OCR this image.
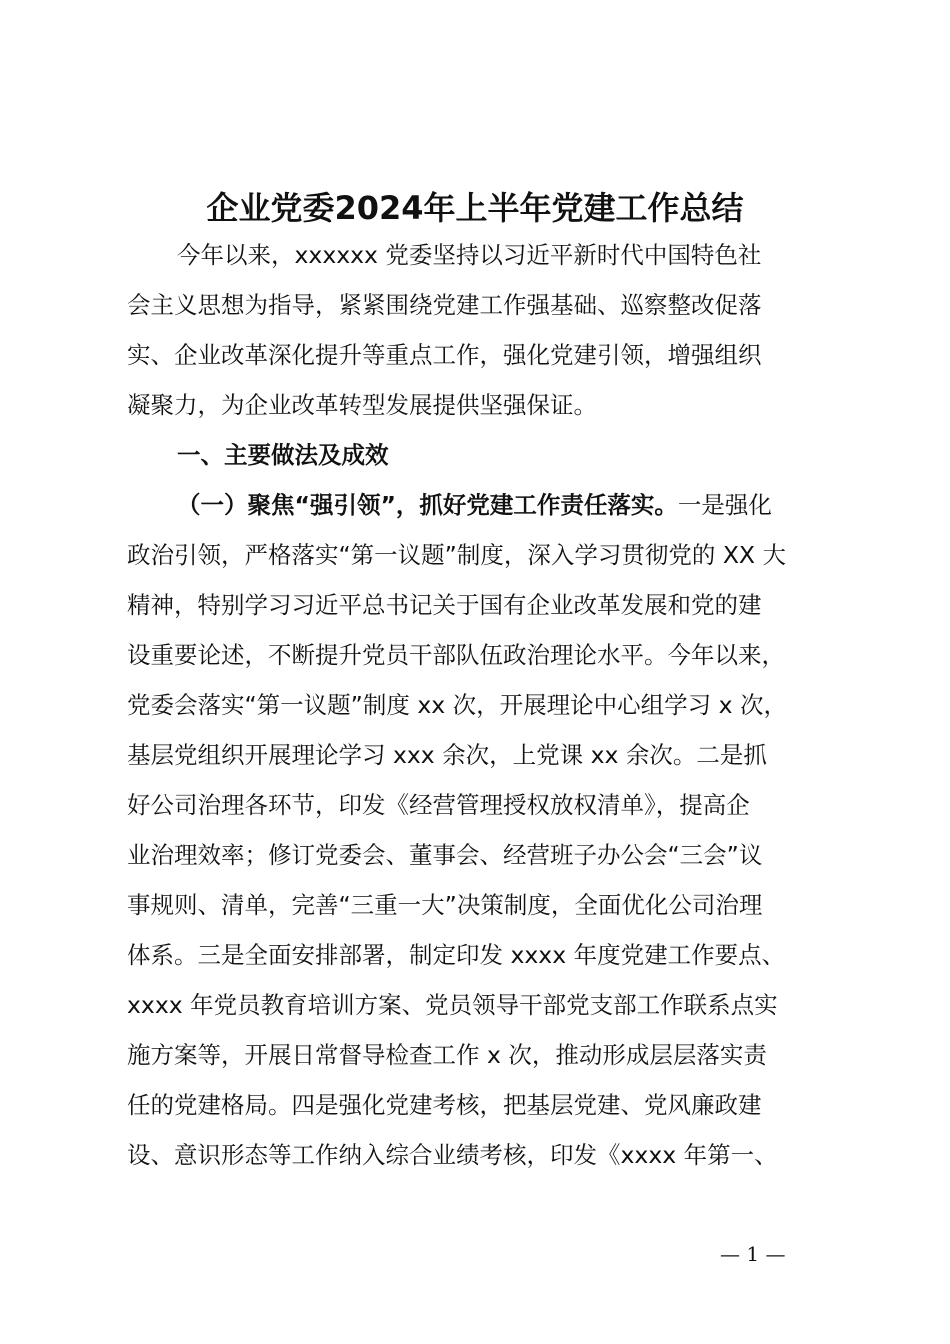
企业党委2024年上半年党建工作总结
今年以来，xxxxxx 党委坚持以习近平新时代中国特色社
会主义思想为指导，紧紧围绕党建工作强基础、巡察整改促落
实、企业改革深化提升等重点工作，强化党建引领，增强组织
凝聚力，为企业改革转型发展提供坚强保证。
一、主要做法及成效
（一）聚焦“强引领”，抓好党建工作责任落实。一是强化
政治引领，严格落实“第一议题”制度，深入学习贯彻党的 XX 大
精神，特别学习习近平总书记关于国有企业改革发展和党的建
设重要论述，不断提升党员干部队伍政治理论水平。今年以来，
党委会落实“第一议题”制度 xx 次，开展理论中心组学习 x 次，
基层党组织开展理论学习 xxx 余次，上党课 xx 余次。二是抓
好公司治理各环节，印发《经营管理授权放权清单》，提高企
业治理效率；修订党委会、董事会、经营班子办公会“三会”议
事规则、清单，完善“三重一大”决策制度，全面优化公司治理
体系。三是全面安排部署，制定印发 xxxx 年度党建工作要点、
xxxx 年党员教育培训方案、党员领导干部党支部工作联系点实
施方案等，开展日常督导检查工作 x 次，推动形成层层落实责
任的党建格局。四是强化党建考核，把基层党建、党风廉政建
设、意识形态等工作纳入综合业绩考核，印发《xxxx 年第一、
— 1 —
